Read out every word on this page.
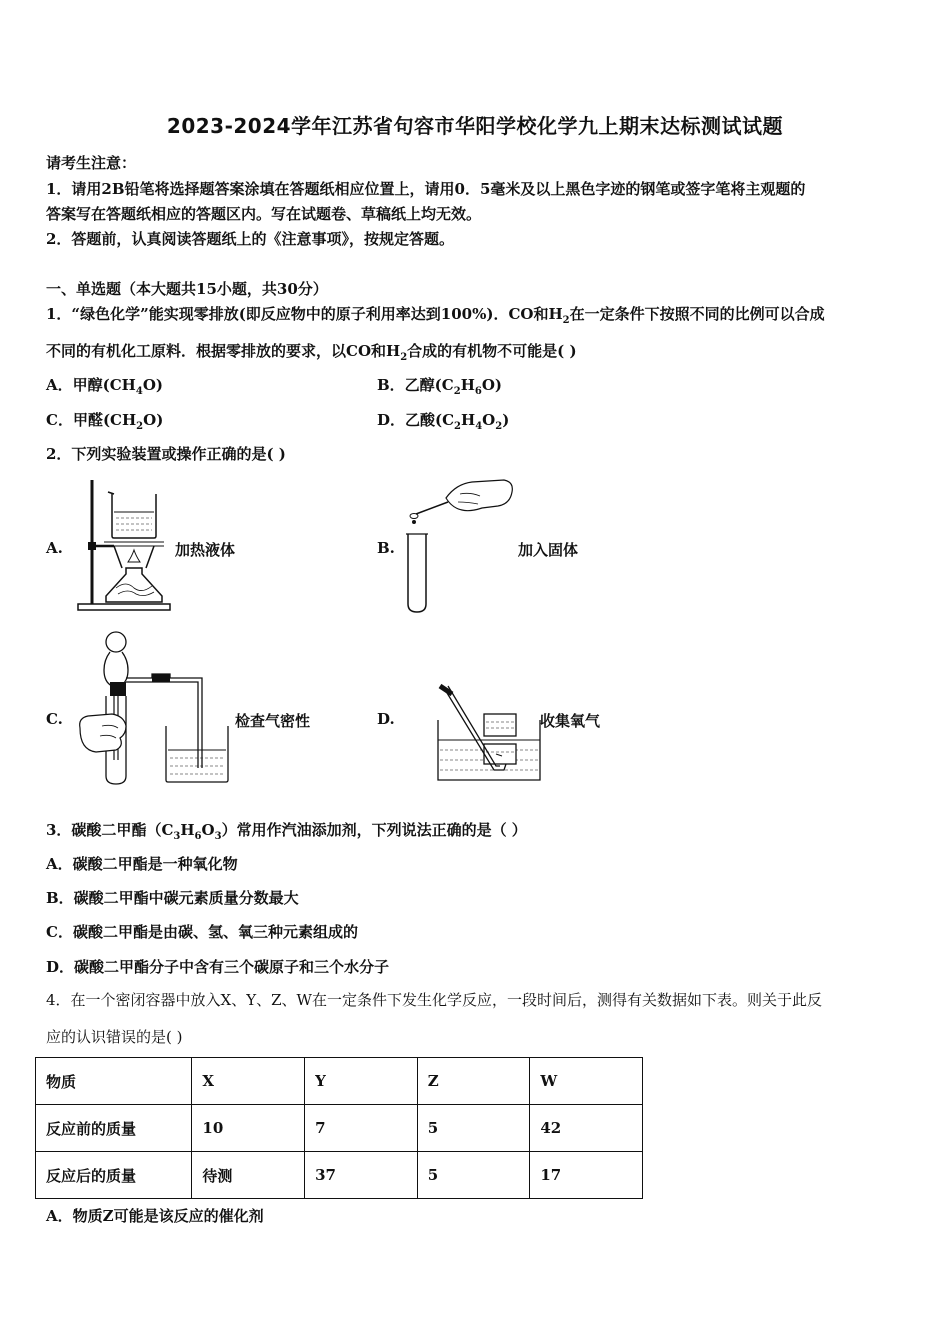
2023-2024学年江苏省句容市华阳学校化学九上期末达标测试试题
请考生注意：
1．请用2B铅笔将选择题答案涂填在答题纸相应位置上，请用0．5毫米及以上黑色字迹的钢笔或签字笔将主观题的
答案写在答题纸相应的答题区内。写在试题卷、草稿纸上均无效。
2．答题前，认真阅读答题纸上的《注意事项》，按规定答题。
一、单选题（本大题共15小题，共30分）
1．“绿色化学”能实现零排放(即反应物中的原子利用率达到100%)．CO和$H_2$在一定条件下按照不同的比例可以合成
不同的有机化工原料．根据零排放的要求，以CO和$H_2$合成的有机物不可能是( )
A．甲醇$(CH_4O)$	B．乙醇$(C_2H_6O)$
C．甲醛$(CH_2O)$	D．乙酸$(C_2H_4O_2)$
2．下列实验装置或操作正确的是( )
A.	加热液体	B.	加入固体
C.	检查气密性	D.	收集氧气
3．碳酸二甲酯$(C_3H_6O_3)$常用作汽油添加剂，下列说法正确的是（ ）
A．碳酸二甲酯是一种氧化物
B．碳酸二甲酯中碳元素质量分数最大
C．碳酸二甲酯是由碳、氢、氧三种元素组成的
D．碳酸二甲酯分子中含有三个碳原子和三个水分子
4．在一个密闭容器中放入X、Y、Z、W在一定条件下发生化学反应，一段时间后，测得有关数据如下表。则关于此反
应的认识错误的是( )
物质	X	Y	Z	W
反应前的质量	10	7	5	42
反应后的质量	待测	37	5	17
A．物质Z可能是该反应的催化剂
